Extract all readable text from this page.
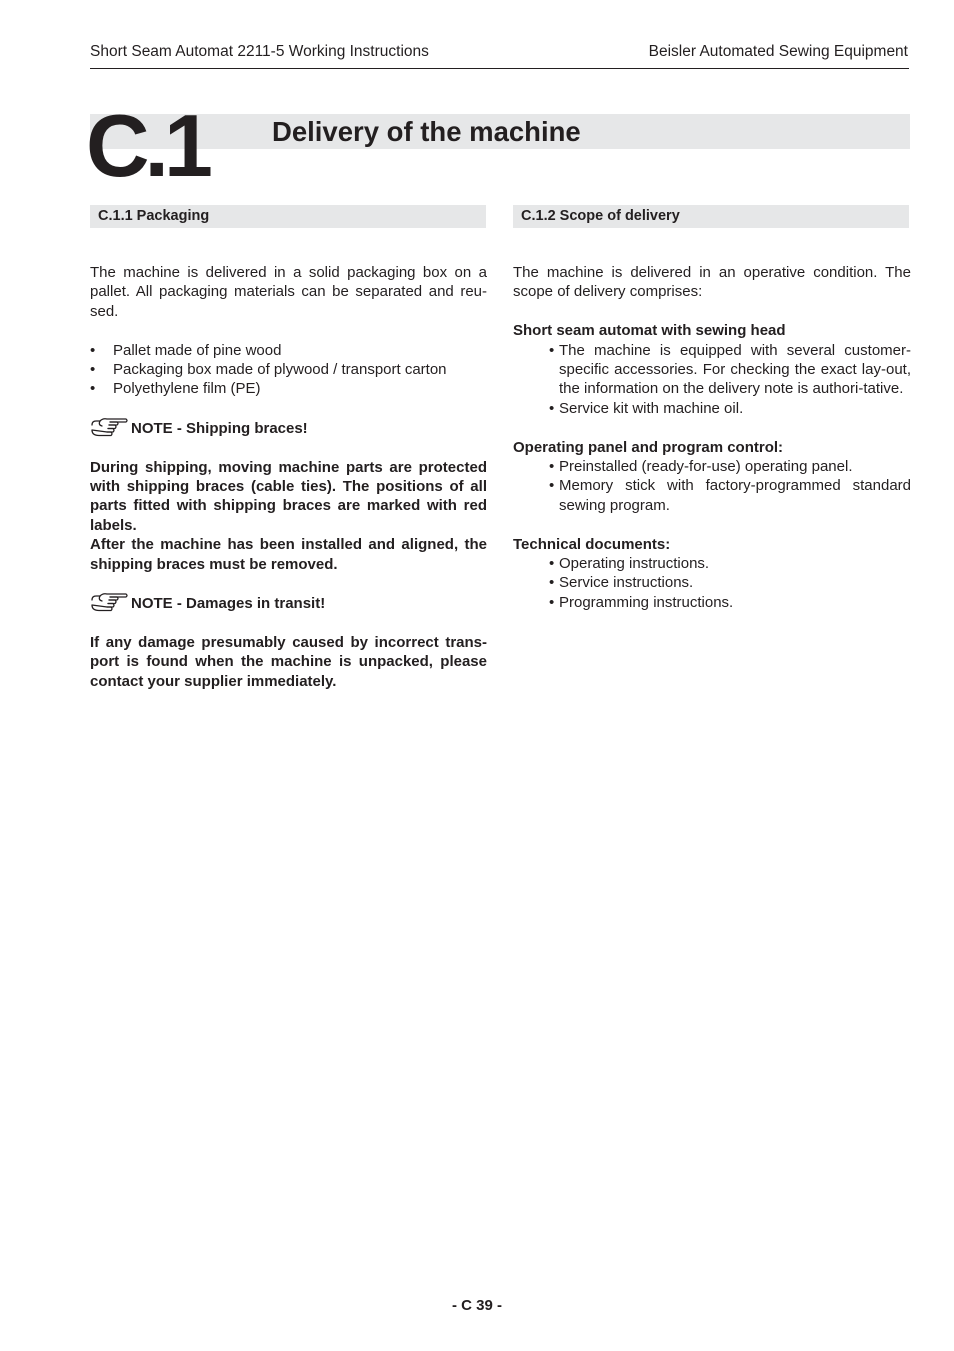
Short Seam Automat 2211-5 Working Instructions	Beisler Automated Sewing Equipment
C.1 Delivery of the machine
C.1.1 Packaging	C.1.2 Scope of delivery

The machine is delivered in a solid packaging box on a pallet. All packaging materials can be separated and reu-sed.

• Pallet made of pine wood
• Packaging box made of plywood / transport carton
• Polyethylene film (PE)
NOTE - Shipping braces!

During shipping, moving machine parts are protected with shipping braces (cable ties). The positions of all parts fitted with shipping braces are marked with red labels.

After the machine has been installed and aligned, the shipping braces must be removed.

NOTE - Damages in transit!

If any damage presumably caused by incorrect trans-port is found when the machine is unpacked, please contact your supplier immediately.

The machine is delivered in an operative condition. The scope of delivery comprises:

Short seam automat with sewing head

• The machine is equipped with several customer-specific accessories. For checking the exact lay-out, the information on the delivery note is authori-tative.
• Service kit with machine oil.

Operating panel and program control:

• Preinstalled (ready-for-use) operating panel.
• Memory stick with factory-programmed standard sewing program.

Technical documents:

• Operating instructions.
• Service instructions.
• Programming instructions.
- C 39 -
